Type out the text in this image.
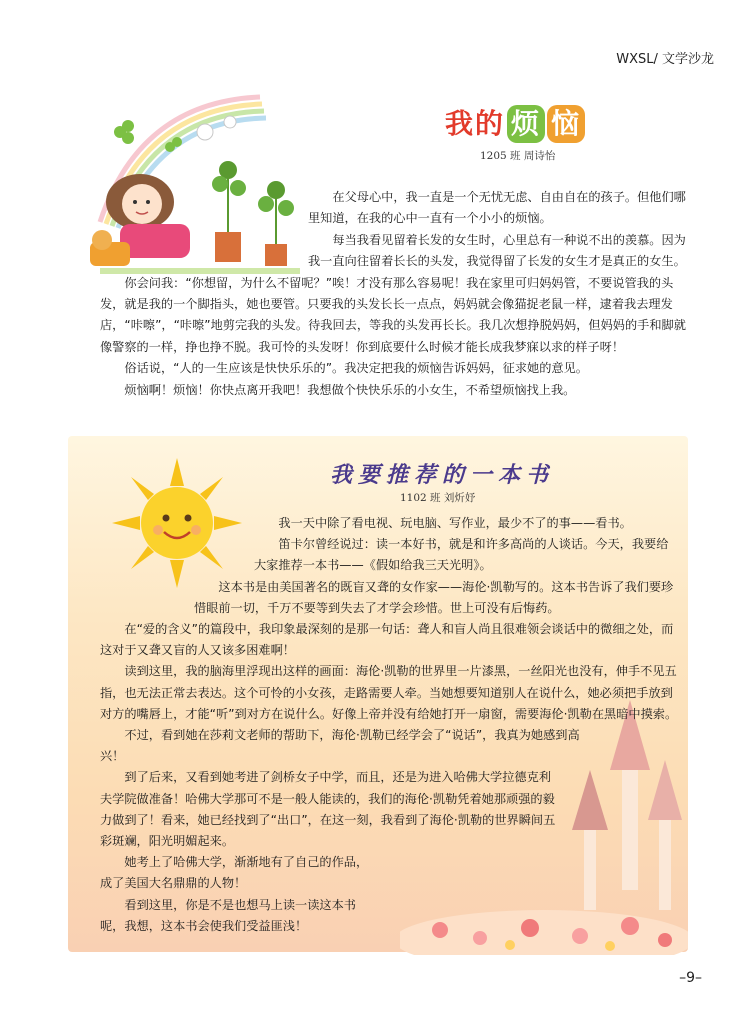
WXSL/ 文学沙龙
我的 烦 恼
1205 班 周诗怡

在父母心中，我一直是一个无忧无虑、自由自在的孩子。但他们哪里知道，在我的心中一直有一个小小的烦恼。

每当我看见留着长发的女生时，心里总有一种说不出的羡慕。因为我一直向往留着长长的头发，我觉得留了长发的女生才是真正的女生。

你会问我：“你想留，为什么不留呢？”唉！才没有那么容易呢！我在家里可归妈妈管，不要说管我的头发，就是我的一个脚指头，她也要管。只要我的头发长长一点点，妈妈就会像猫捉老鼠一样，逮着我去理发店，“咔嚓”，“咔嚓”地剪完我的头发。待我回去，等我的头发再长长。我几次想挣脱妈妈，但妈妈的手和脚就像警察的一样，挣也挣不脱。我可怜的头发呀！你到底要什么时候才能长成我梦寐以求的样子呀！

俗话说，“人的一生应该是快快乐乐的”。我决定把我的烦恼告诉妈妈，征求她的意见。

烦恼啊！烦恼！你快点离开我吧！我想做个快快乐乐的小女生，不希望烦恼找上我。

我要推荐的一本书
1102 班 刘炘妤

我一天中除了看电视、玩电脑、写作业，最少不了的事——看书。

笛卡尔曾经说过：读一本好书，就是和许多高尚的人谈话。今天，我要给大家推荐一本书——《假如给我三天光明》。

这本书是由美国著名的既盲又聋的女作家——海伦·凯勒写的。这本书告诉了我们要珍惜眼前一切，千万不要等到失去了才学会珍惜。世上可没有后悔药。

在“爱的含义”的篇段中，我印象最深刻的是那一句话：聋人和盲人尚且很难领会谈话中的微细之处，而这对于又聋又盲的人又该多困难啊！

读到这里，我的脑海里浮现出这样的画面：海伦·凯勒的世界里一片漆黑，一丝阳光也没有，伸手不见五指，也无法正常去表达。这个可怜的小女孩，走路需要人牵。当她想要知道别人在说什么，她必须把手放到对方的嘴唇上，才能“听”到对方在说什么。好像上帝并没有给她打开一扇窗，需要海伦·凯勒在黑暗中摸索。

不过，看到她在莎莉文老师的帮助下，海伦·凯勒已经学会了“说话”，我真为她感到高兴！

到了后来，又看到她考进了剑桥女子中学，而且，还是为进入哈佛大学拉德克利夫学院做准备！哈佛大学那可不是一般人能读的，我们的海伦·凯勒凭着她那顽强的毅力做到了！看来，她已经找到了“出口”，在这一刻，我看到了海伦·凯勒的世界瞬间五彩斑斓，阳光明媚起来。

她考上了哈佛大学，渐渐地有了自己的作品，成了美国大名鼎鼎的人物！

看到这里，你是不是也想马上读一读这本书呢，我想，这本书会使我们受益匪浅！

–9–
